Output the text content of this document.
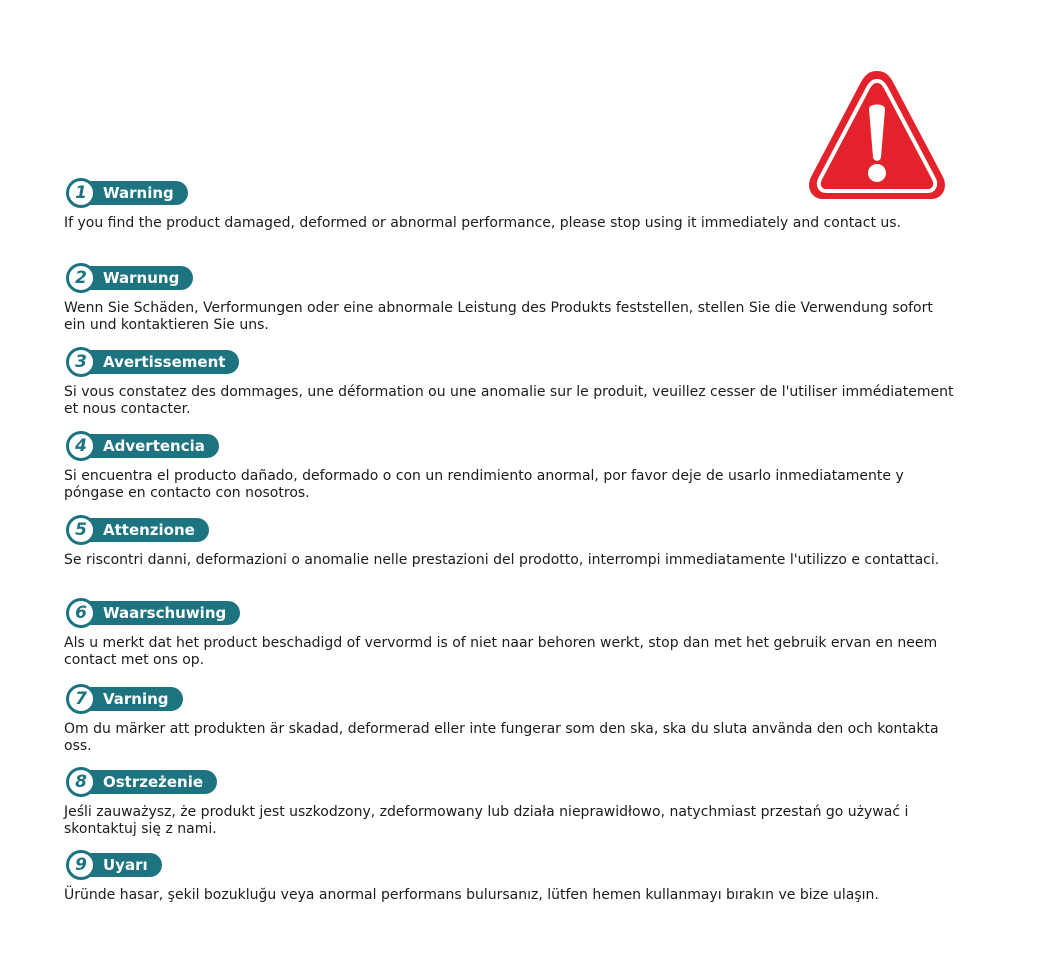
1	Warning
If you find the product damaged, deformed or abnormal performance, please stop using it immediately and contact us.
2	Warnung
Wenn Sie Schäden, Verformungen oder eine abnormale Leistung des Produkts feststellen, stellen Sie die Verwendung sofort ein und kontaktieren Sie uns.
3	Avertissement
Si vous constatez des dommages, une déformation ou une anomalie sur le produit, veuillez cesser de l'utiliser immédiatement et nous contacter.
4	Advertencia
Si encuentra el producto dañado, deformado o con un rendimiento anormal, por favor deje de usarlo inmediatamente y póngase en contacto con nosotros.
5	Attenzione
Se riscontri danni, deformazioni o anomalie nelle prestazioni del prodotto, interrompi immediatamente l'utilizzo e contattaci.
6	Waarschuwing
Als u merkt dat het product beschadigd of vervormd is of niet naar behoren werkt, stop dan met het gebruik ervan en neem contact met ons op.
7	Varning
Om du märker att produkten är skadad, deformerad eller inte fungerar som den ska, ska du sluta använda den och kontakta oss.
8	Ostrzeżenie
Jeśli zauważysz, że produkt jest uszkodzony, zdeformowany lub działa nieprawidłowo, natychmiast przestań go używać i skontaktuj się z nami.
9	Uyarı
Üründe hasar, şekil bozukluğu veya anormal performans bulursanız, lütfen hemen kullanmayı bırakın ve bize ulaşın.
